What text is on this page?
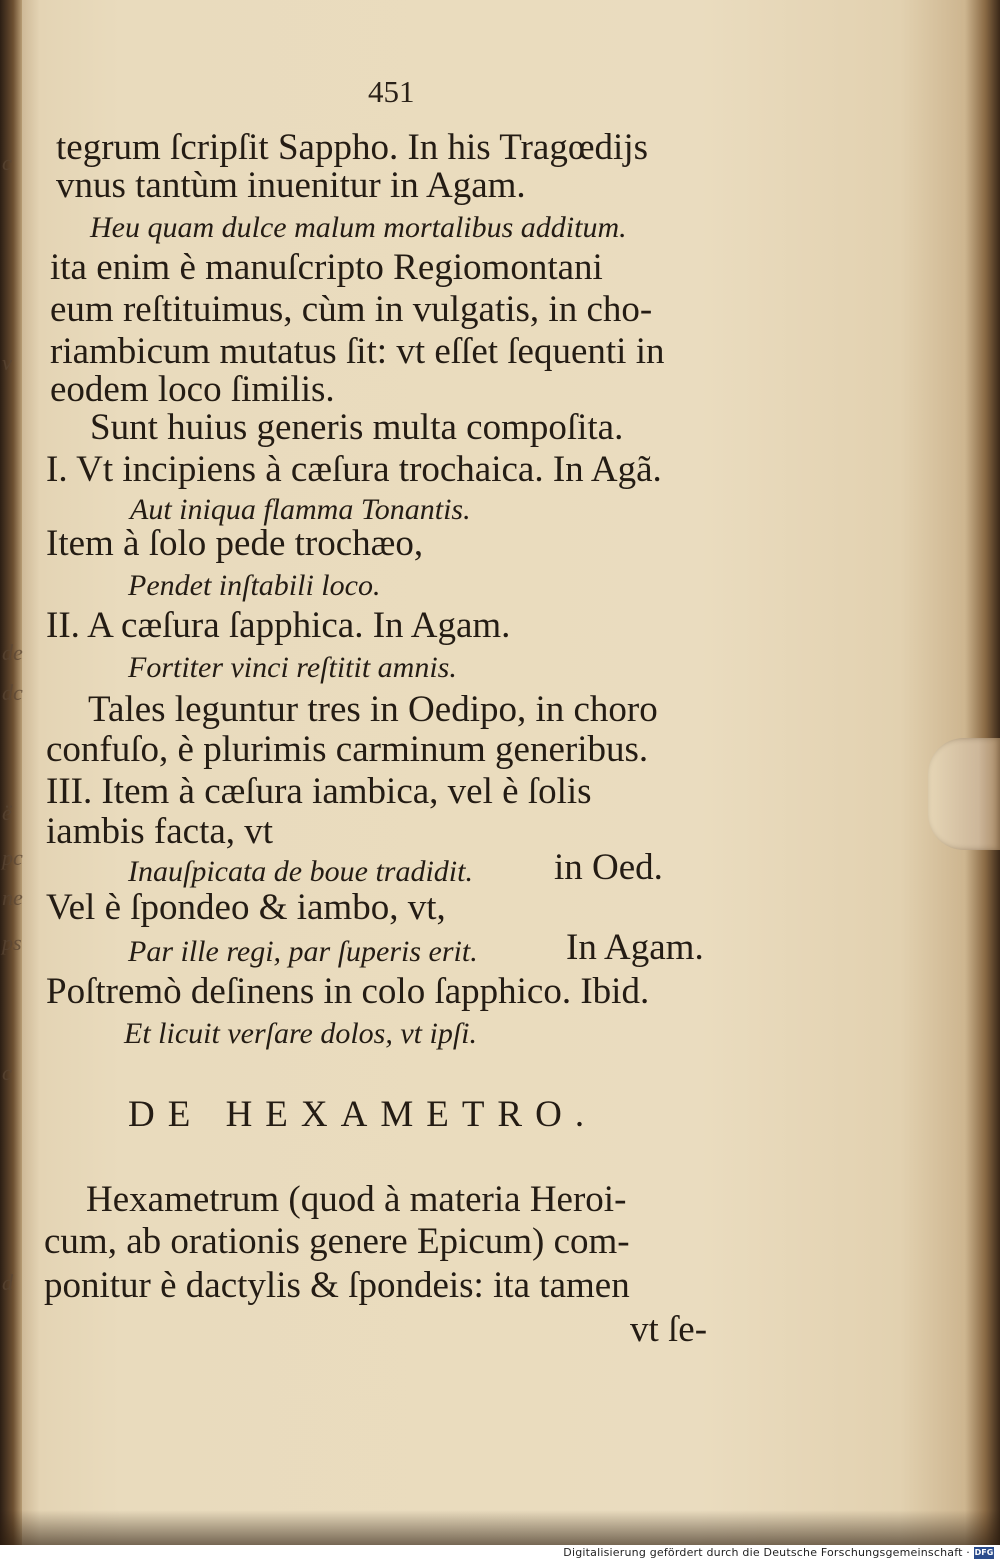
c
v
de
dc
ë
pc
ne
ps
c
d
451
tegrum ſcripſit Sappho. In his Tragœdijs
vnus tantùm inuenitur in Agam.
Heu quam dulce malum mortalibus additum.
ita enim è manuſcripto Regiomontani
eum reſtituimus, cùm in vulgatis, in cho-
riambicum mutatus ſit: vt eſſet ſequenti in
eodem loco ſimilis.
Sunt huius generis multa compoſita.
I. Vt incipiens à cæſura trochaica. In Agã.
Aut iniqua flamma Tonantis.
Item à ſolo pede trochæo,
Pendet inſtabili loco.
II. A cæſura ſapphica. In Agam.
Fortiter vinci reſtitit amnis.
Tales leguntur tres in Oedipo, in choro
confuſo, è plurimis carminum generibus.
III. Item à cæſura iambica, vel è ſolis
iambis facta, vt
Inauſpicata de boue tradidit. in Oed.
Vel è ſpondeo & iambo, vt,
Par ille regi, par ſuperis erit. In Agam.
Poſtremò deſinens in colo ſapphico. Ibid.
Et licuit verſare dolos, vt ipſi.
DE HEXAMETRO.
Hexametrum (quod à materia Heroi-
cum, ab orationis genere Epicum) com-
ponitur è dactylis & ſpondeis: ita tamen
vt ſe-
Digitalisierung gefördert durch die Deutsche Forschungsgemeinschaft · DFG
